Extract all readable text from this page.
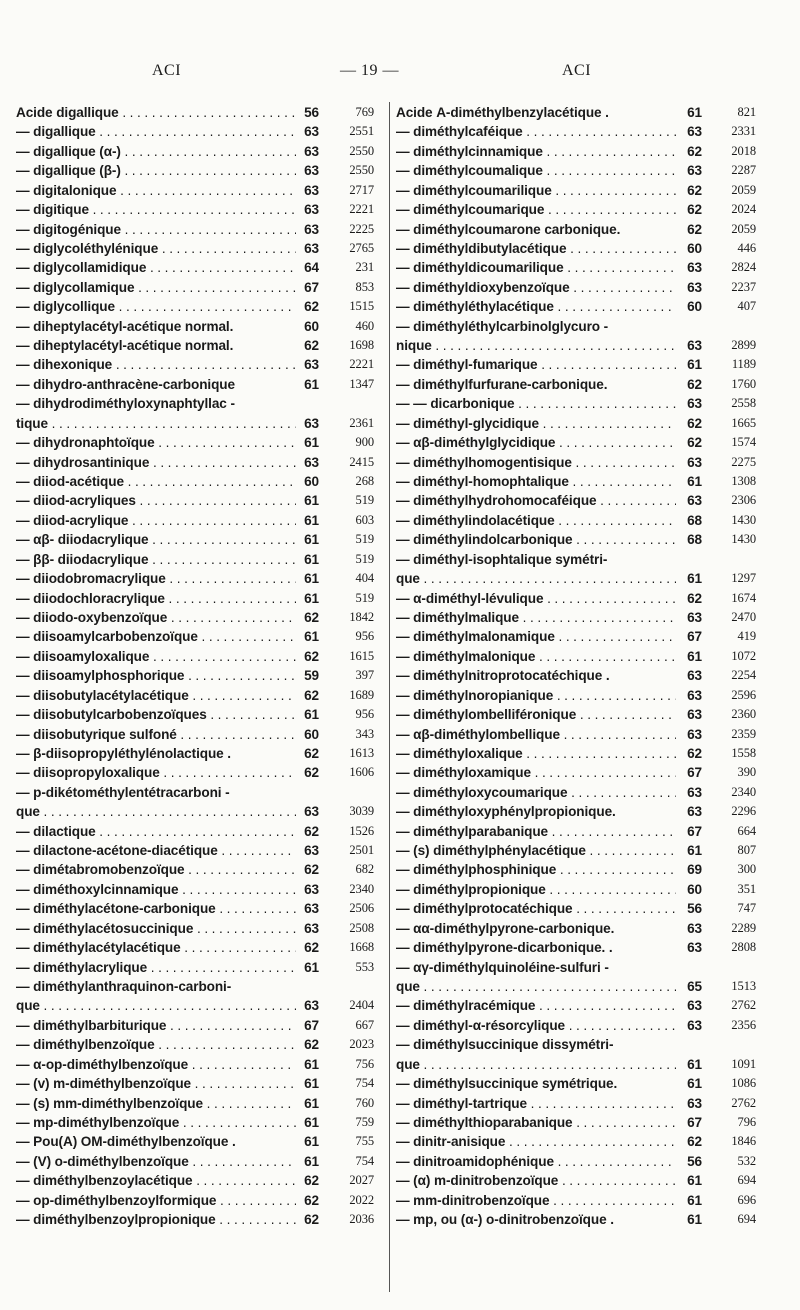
ACI	— 19 —	ACI
Acide digallique . . .	56	769
— digallique . . .	63	2551
— digallique (α-) . . .	63	2550
— digallique (β-) . . .	63	2550
— digitalonique . . .	63	2717
— digitique . . .	63	2221
— digitogénique . . .	63	2225
— diglycoléthylénique . . .	63	2765
— diglycollamidique . . .	64	231
— diglycollamique . . .	67	853
— diglycollique . . .	62	1515
— diheptylacétyl-acétique normal.	60	460
— diheptylacétyl-acétique normal.	62	1698
— dihexonique . . .	63	2221
— dihydro-anthracène-carbonique	61	1347
— dihydrodiméthyloxynaphtyllac -
tique . . .	63	2361
— dihydronaphtoïque . . .	61	900
— dihydrosantinique . . .	63	2415
— diiod-acétique . . .	60	268
— diiod-acryliques . . .	61	519
— diiod-acrylique . . .	61	603
— αβ- diiodacrylique . . .	61	519
— ββ- diiodacrylique . . .	61	519
— diiodobromacrylique . . .	61	404
— diiodochloracrylique . . .	61	519
— diiodo-oxybenzoïque . . .	62	1842
— diisoamylcarbobenzoïque . . .	61	956
— diisoamyloxalique . . .	62	1615
— diisoamylphosphorique . . .	59	397
— diisobutylacétylacétique . . .	62	1689
— diisobutylcarbobenzoïques . . .	61	956
— diisobutyrique sulfoné . . .	60	343
— β-diisopropyléthylénolactique .	62	1613
— diisopropyloxalique . . .	62	1606
— p-dikétométhylentétracarboni -
que . . .	63	3039
— dilactique . . .	62	1526
— dilactone-acétone-diacétique . . .	63	2501
— dimétabromobenzoïque . . .	62	682
— diméthoxylcinnamique . . .	63	2340
— diméthylacétone-carbonique . . .	63	2506
— diméthylacétosuccinique . . .	63	2508
— diméthylacétylacétique . . .	62	1668
— diméthylacrylique . . .	61	553
— diméthylanthraquinon-carboni-
que . . .	63	2404
— diméthylbarbiturique . . .	67	667
— diméthylbenzoïque . . .	62	2023
— α-op-diméthylbenzoïque . . .	61	756
— (v) m-diméthylbenzoïque . . .	61	754
— (s) mm-diméthylbenzoïque . . .	61	760
— mp-diméthylbenzoïque . . .	61	759
— Pou(A) OM-diméthylbenzoïque .	61	755
— (V) o-diméthylbenzoïque . . .	61	754
— diméthylbenzoylacétique . . .	62	2027
— op-diméthylbenzoylformique . . .	62	2022
— diméthylbenzoylpropionique . . .	62	2036
Acide Α-diméthylbenzylacétique .	61	821
— diméthylcaféique . . .	63	2331
— diméthylcinnamique . . .	62	2018
— diméthylcoumalique . . .	63	2287
— diméthylcoumarilique . . .	62	2059
— diméthylcoumarique . . .	62	2024
— diméthylcoumarone carbonique.	62	2059
— diméthyldibutylacétique . . .	60	446
— diméthyldicoumarilique . . .	63	2824
— diméthyldioxybenzoïque . . .	63	2237
— diméthyléthylacétique . . .	60	407
— diméthyléthylcarbinolglycuro -
nique . . .	63	2899
— diméthyl-fumarique . . .	61	1189
— diméthylfurfurane-carbonique.	62	1760
— — dicarbonique . . .	63	2558
— diméthyl-glycidique . . .	62	1665
— αβ-diméthylglycidique . . .	62	1574
— diméthylhomogentisique . . .	63	2275
— diméthyl-homophtalique . . .	61	1308
— diméthylhydrohomocaféique . . .	63	2306
— diméthylindolacétique . . .	68	1430
— diméthylindolcarbonique . . .	68	1430
— diméthyl-isophtalique symétri-
que . . .	61	1297
— α-diméthyl-lévulique . . .	62	1674
— diméthylmalique . . .	63	2470
— diméthylmalonamique . . .	67	419
— diméthylmalonique . . .	61	1072
— diméthylnitroprotocatéchique .	63	2254
— diméthylnoropianique . . .	63	2596
— diméthylombelliféronique . . .	63	2360
— αβ-diméthylombellique . . .	63	2359
— diméthyloxalique . . .	62	1558
— diméthyloxamique . . .	67	390
— diméthyloxycoumarique . . .	63	2340
— diméthyloxyphénylpropionique.	63	2296
— diméthylparabanique . . .	67	664
— (s) diméthylphénylacétique . . .	61	807
— diméthylphosphinique . . .	69	300
— diméthylpropionique . . .	60	351
— diméthylprotocatéchique . . .	56	747
— αα-diméthylpyrone-carbonique.	63	2289
— diméthylpyrone-dicarbonique. .	63	2808
— αγ-diméthylquinoléine-sulfuri -
que . . .	65	1513
— diméthylracémique . . .	63	2762
— diméthyl-α-résorcylique . . .	63	2356
— diméthylsuccinique dissymétri-
que . . .	61	1091
— diméthylsuccinique symétrique.	61	1086
— diméthyl-tartrique . . .	63	2762
— diméthylthioparabanique . . .	67	796
— dinitr-anisique . . .	62	1846
— dinitroamidophénique . . .	56	532
— (α) m-dinitrobenzoïque . . .	61	694
— mm-dinitrobenzoïque . . .	61	696
— mp, ou (α-) o-dinitrobenzoïque .	61	694
